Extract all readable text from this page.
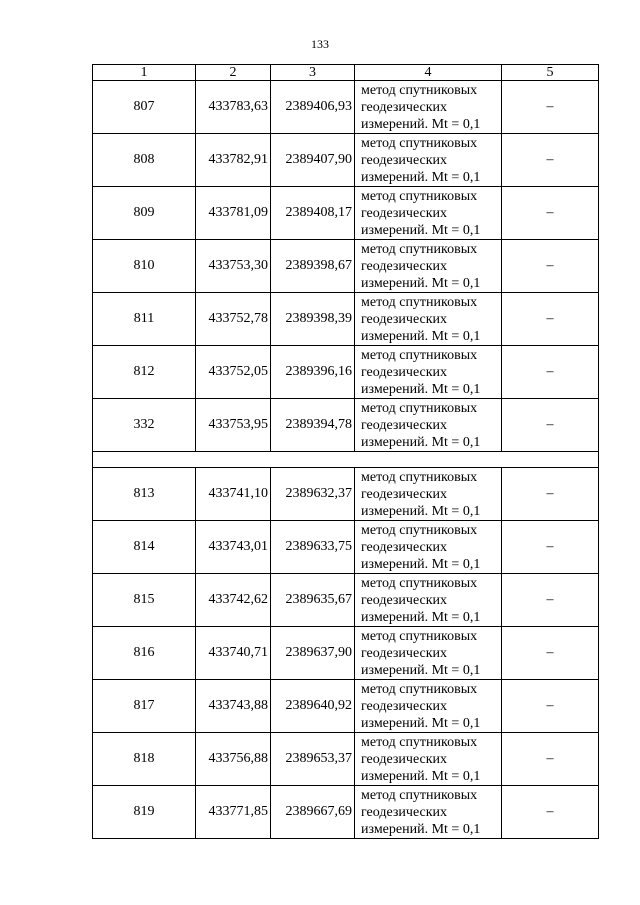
133
1	2	3	4	5
807	433783,63	2389406,93	метод спутниковых
геодезических
измерений. Mt = 0,1	–
808	433782,91	2389407,90	метод спутниковых
геодезических
измерений. Mt = 0,1	–
809	433781,09	2389408,17	метод спутниковых
геодезических
измерений. Mt = 0,1	–
810	433753,30	2389398,67	метод спутниковых
геодезических
измерений. Mt = 0,1	–
811	433752,78	2389398,39	метод спутниковых
геодезических
измерений. Mt = 0,1	–
812	433752,05	2389396,16	метод спутниковых
геодезических
измерений. Mt = 0,1	–
332	433753,95	2389394,78	метод спутниковых
геодезических
измерений. Mt = 0,1	–

813	433741,10	2389632,37	метод спутниковых
геодезических
измерений. Mt = 0,1	–
814	433743,01	2389633,75	метод спутниковых
геодезических
измерений. Mt = 0,1	–
815	433742,62	2389635,67	метод спутниковых
геодезических
измерений. Mt = 0,1	–
816	433740,71	2389637,90	метод спутниковых
геодезических
измерений. Mt = 0,1	–
817	433743,88	2389640,92	метод спутниковых
геодезических
измерений. Mt = 0,1	–
818	433756,88	2389653,37	метод спутниковых
геодезических
измерений. Mt = 0,1	–
819	433771,85	2389667,69	метод спутниковых
геодезических
измерений. Mt = 0,1	–
